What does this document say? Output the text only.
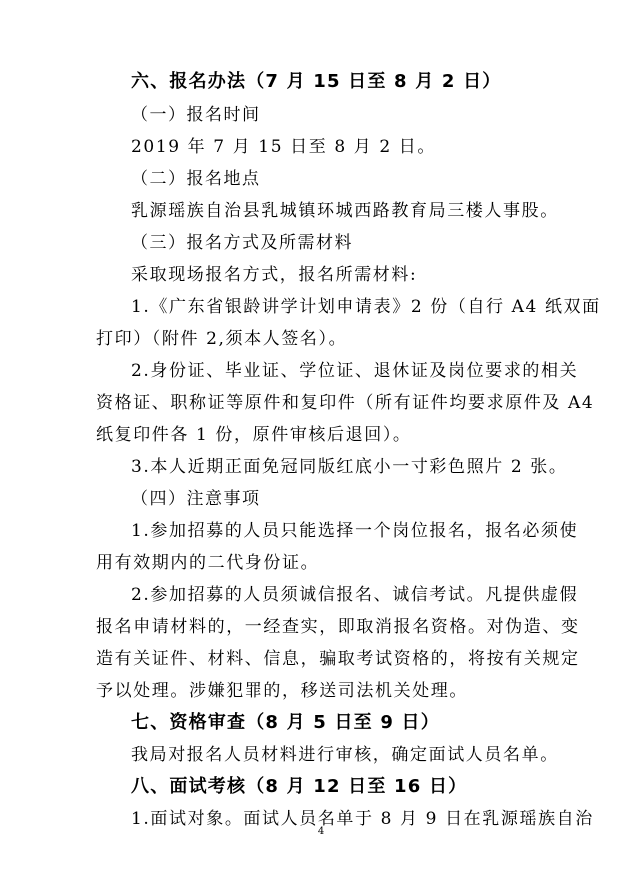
六、报名办法（7 月 15 日至 8 月 2 日）
（一）报名时间
2019 年 7 月 15 日至 8 月 2 日。
（二）报名地点
乳源瑶族自治县乳城镇环城西路教育局三楼人事股。
（三）报名方式及所需材料
采取现场报名方式，报名所需材料:
1.《广东省银龄讲学计划申请表》2 份（自行 A4 纸双面
打印）（附件 2,须本人签名）。
2.身份证、毕业证、学位证、退休证及岗位要求的相关
资格证、职称证等原件和复印件（所有证件均要求原件及 A4
纸复印件各 1 份，原件审核后退回）。
3.本人近期正面免冠同版红底小一寸彩色照片 2 张。
（四）注意事项
1.参加招募的人员只能选择一个岗位报名，报名必须使
用有效期内的二代身份证。
2.参加招募的人员须诚信报名、诚信考试。凡提供虚假
报名申请材料的，一经查实，即取消报名资格。对伪造、变
造有关证件、材料、信息，骗取考试资格的，将按有关规定
予以处理。涉嫌犯罪的，移送司法机关处理。
七、资格审查（8 月 5 日至 9 日）
我局对报名人员材料进行审核，确定面试人员名单。
八、面试考核（8 月 12 日至 16 日）
1.面试对象。面试人员名单于 8 月 9 日在乳源瑶族自治
4
